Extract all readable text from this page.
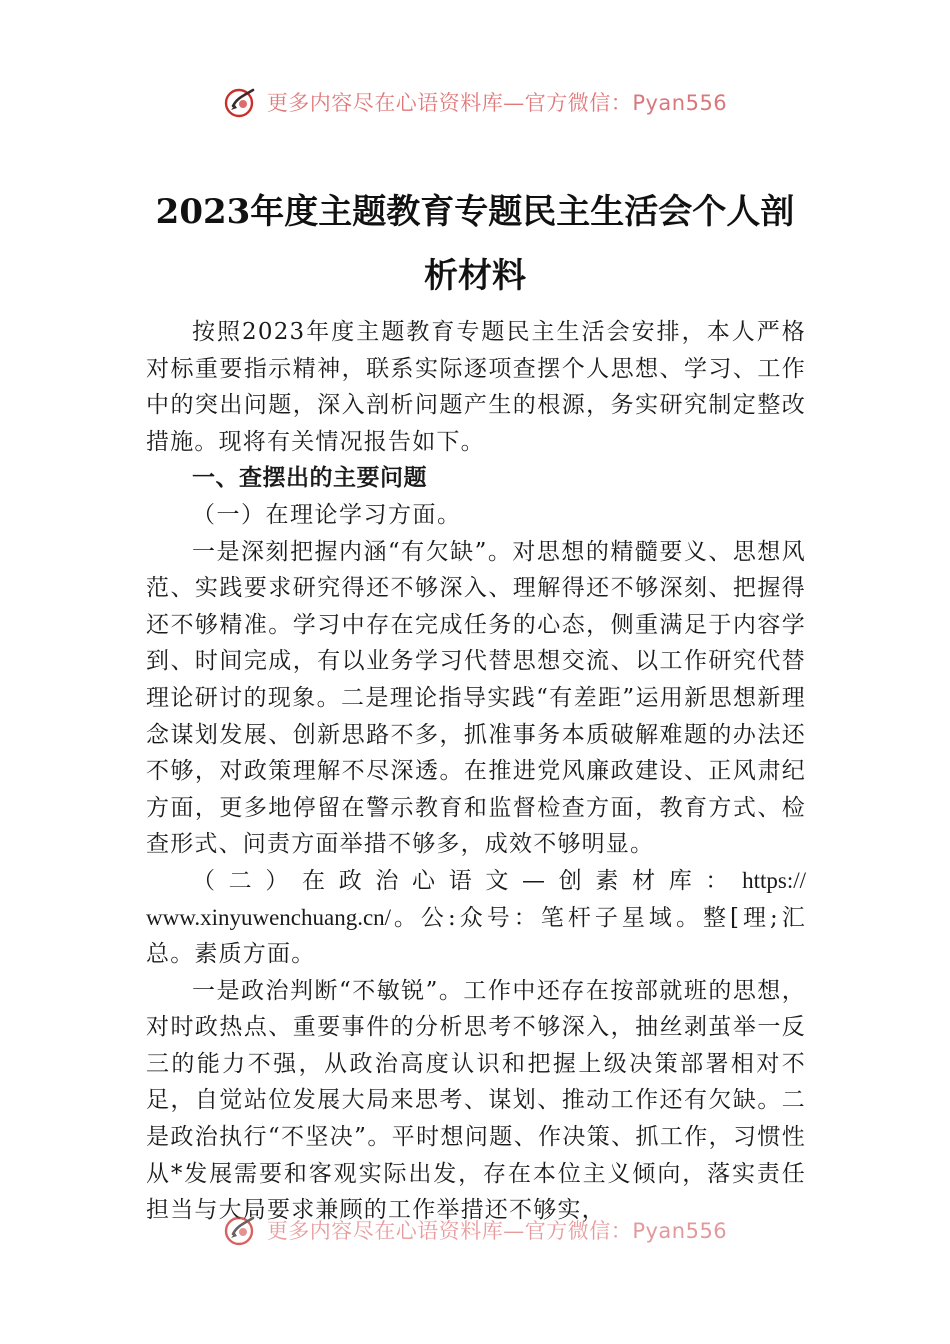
更多内容尽在心语资料库—官方微信：Pyan556
2023年度主题教育专题民主生活会个人剖
析材料

按照2023年度主题教育专题民主生活会安排，本人严格对标重要指示精神，联系实际逐项查摆个人思想、学习、工作中的突出问题，深入剖析问题产生的根源，务实研究制定整改措施。现将有关情况报告如下。

一、查摆出的主要问题

（一）在理论学习方面。

一是深刻把握内涵“有欠缺”。对思想的精髓要义、思想风范、实践要求研究得还不够深入、理解得还不够深刻、把握得还不够精准。学习中存在完成任务的心态，侧重满足于内容学到、时间完成，有以业务学习代替思想交流、以工作研究代替理论研讨的现象。二是理论指导实践“有差距”运用新思想新理念谋划发展、创新思路不多，抓准事务本质破解难题的办法还不够，对政策理解不尽深透。在推进党风廉政建设、正风肃纪方面，更多地停留在警示教育和监督检查方面，教育方式、检查形式、问责方面举措不够多，成效不够明显。

（二）在政治心语文—创素材库：https://

www.xinyuwenchuang.cn/。公:众号：笔杆子星域。整[理;汇总。素质方面。

一是政治判断“不敏锐”。工作中还存在按部就班的思想，对时政热点、重要事件的分析思考不够深入，抽丝剥茧举一反三的能力不强，从政治高度认识和把握上级决策部署相对不足，自觉站位发展大局来思考、谋划、推动工作还有欠缺。二是政治执行“不坚决”。平时想问题、作决策、抓工作，习惯性从*发展需要和客观实际出发，存在本位主义倾向，落实责任担当与大局要求兼顾的工作举措还不够实，

更多内容尽在心语资料库—官方微信：Pyan556
